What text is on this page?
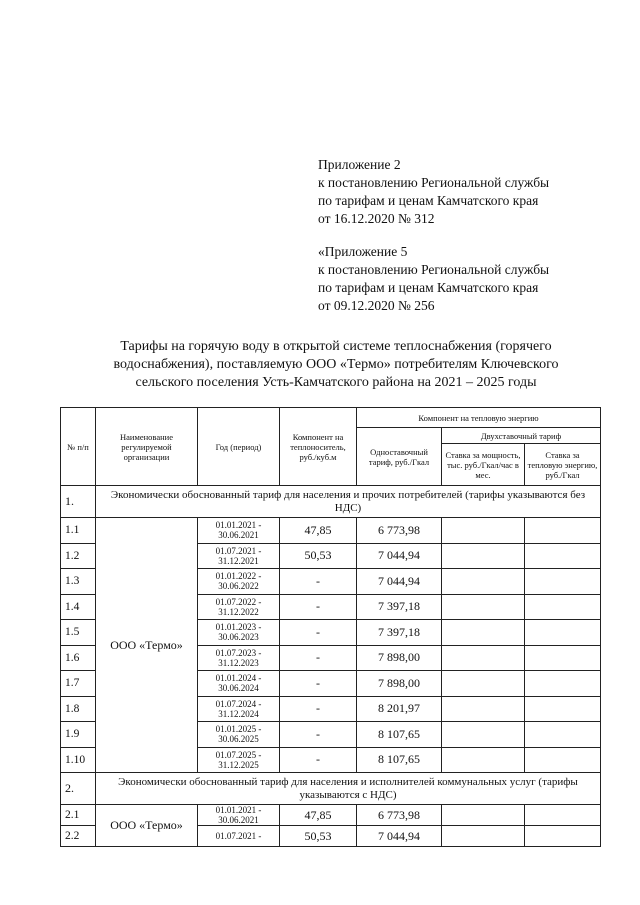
Приложение 2
к постановлению Региональной службы
по тарифам и ценам Камчатского края
от 16.12.2020 № 312
«Приложение 5
к постановлению Региональной службы
по тарифам и ценам Камчатского края
от 09.12.2020 № 256
Тарифы на горячую воду в открытой системе теплоснабжения (горячего
водоснабжения), поставляемую ООО «Термо» потребителям Ключевского
сельского поселения Усть-Камчатского района на 2021 – 2025 годы
№ п/п	Наименование регулируемой организации	Год (период)	Компонент на теплоноситель, руб./куб.м	Компонент на тепловую энергию		
				Одноставочный тариф, руб./Гкал	Двухставочный тариф	
					Ставка за мощность, тыс. руб./Гкал/час в мес.	Ставка за тепловую энергию, руб./Гкал
1.	Экономически обоснованный тариф для населения и прочих потребителей (тарифы указываются без НДС)					
1.1	ООО «Термо»	01.01.2021 - 30.06.2021	47,85	6 773,98		
1.2		01.07.2021 - 31.12.2021	50,53	7 044,94		
1.3		01.01.2022 - 30.06.2022	-	7 044,94		
1.4		01.07.2022 - 31.12.2022	-	7 397,18		
1.5		01.01.2023 - 30.06.2023	-	7 397,18		
1.6		01.07.2023 - 31.12.2023	-	7 898,00		
1.7		01.01.2024 - 30.06.2024	-	7 898,00		
1.8		01.07.2024 - 31.12.2024	-	8 201,97		
1.9		01.01.2025 - 30.06.2025	-	8 107,65		
1.10		01.07.2025 - 31.12.2025	-	8 107,65		
2.	Экономически обоснованный тариф для населения и исполнителей коммунальных услуг (тарифы указываются с НДС)					
2.1	ООО «Термо»	01.01.2021 - 30.06.2021	47,85	6 773,98		
2.2		01.07.2021 -	50,53	7 044,94		
